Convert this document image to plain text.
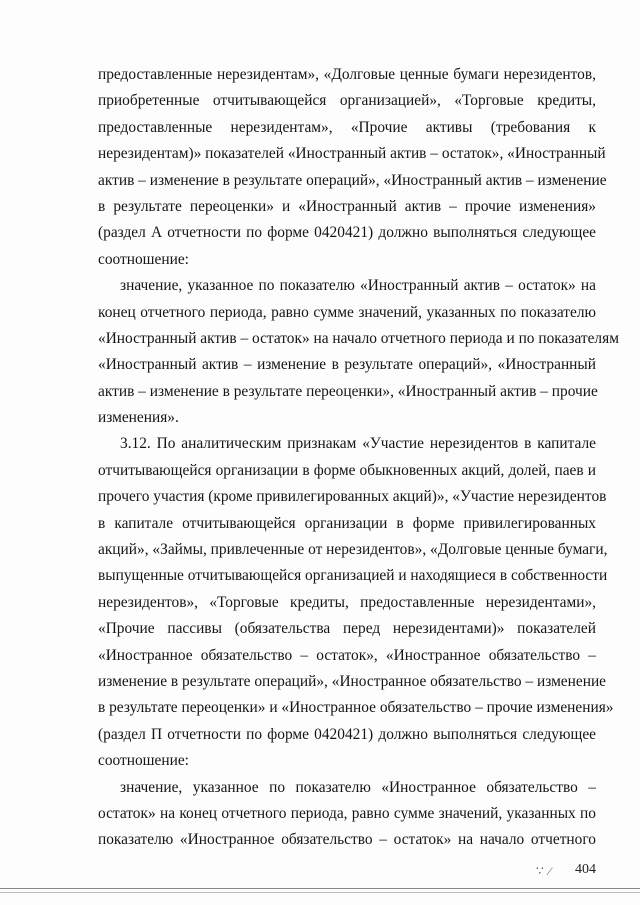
предоставленные нерезидентам», «Долговые ценные бумаги нерезидентов,
приобретенные отчитывающейся организацией», «Торговые кредиты,
предоставленные нерезидентам», «Прочие активы (требования к
нерезидентам)» показателей «Иностранный актив – остаток», «Иностранный
актив – изменение в результате операций», «Иностранный актив – изменение
в результате переоценки» и «Иностранный актив – прочие изменения»
(раздел А отчетности по форме 0420421) должно выполняться следующее
соотношение:
значение, указанное по показателю «Иностранный актив – остаток» на
конец отчетного периода, равно сумме значений, указанных по показателю
«Иностранный актив – остаток» на начало отчетного периода и по показателям
«Иностранный актив – изменение в результате операций», «Иностранный
актив – изменение в результате переоценки», «Иностранный актив – прочие
изменения».
3.12. По аналитическим признакам «Участие нерезидентов в капитале
отчитывающейся организации в форме обыкновенных акций, долей, паев и
прочего участия (кроме привилегированных акций)», «Участие нерезидентов
в капитале отчитывающейся организации в форме привилегированных
акций», «Займы, привлеченные от нерезидентов», «Долговые ценные бумаги,
выпущенные отчитывающейся организацией и находящиеся в собственности
нерезидентов», «Торговые кредиты, предоставленные нерезидентами»,
«Прочие пассивы (обязательства перед нерезидентами)» показателей
«Иностранное обязательство – остаток», «Иностранное обязательство –
изменение в результате операций», «Иностранное обязательство – изменение
в результате переоценки» и «Иностранное обязательство – прочие изменения»
(раздел П отчетности по форме 0420421) должно выполняться следующее
соотношение:
значение, указанное по показателю «Иностранное обязательство –
остаток» на конец отчетного периода, равно сумме значений, указанных по
показателю «Иностранное обязательство – остаток» на начало отчетного
∵ ⁄ 404
